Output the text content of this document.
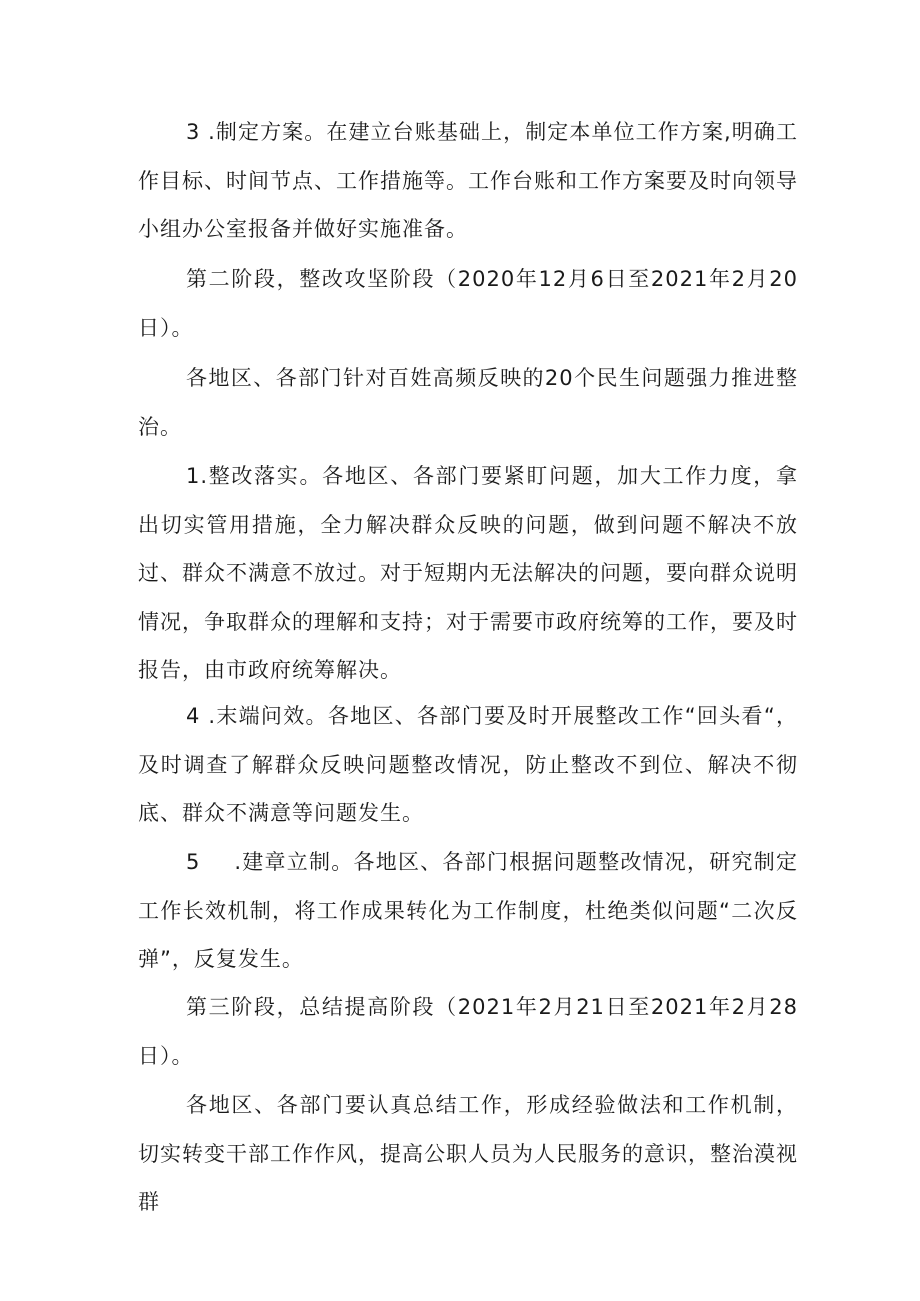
3 .制定方案。在建立台账基础上，制定本单位工作方案,明确工作目标、时间节点、工作措施等。工作台账和工作方案要及时向领导小组办公室报备并做好实施准备。

第二阶段，整改攻坚阶段（2020年12月6日至2021年2月20日）。

各地区、各部门针对百姓高频反映的20个民生问题强力推进整治。

1.整改落实。各地区、各部门要紧盯问题，加大工作力度，拿出切实管用措施，全力解决群众反映的问题，做到问题不解决不放过、群众不满意不放过。对于短期内无法解决的问题，要向群众说明情况，争取群众的理解和支持；对于需要市政府统筹的工作，要及时报告，由市政府统筹解决。

4 .末端问效。各地区、各部门要及时开展整改工作“回头看“，及时调查了解群众反映问题整改情况，防止整改不到位、解决不彻底、群众不满意等问题发生。

5 .建章立制。各地区、各部门根据问题整改情况，研究制定工作长效机制，将工作成果转化为工作制度，杜绝类似问题“二次反弹”，反复发生。

第三阶段，总结提高阶段（2021年2月21日至2021年2月28日）。

各地区、各部门要认真总结工作，形成经验做法和工作机制，切实转变干部工作作风，提高公职人员为人民服务的意识，整治漠视群
